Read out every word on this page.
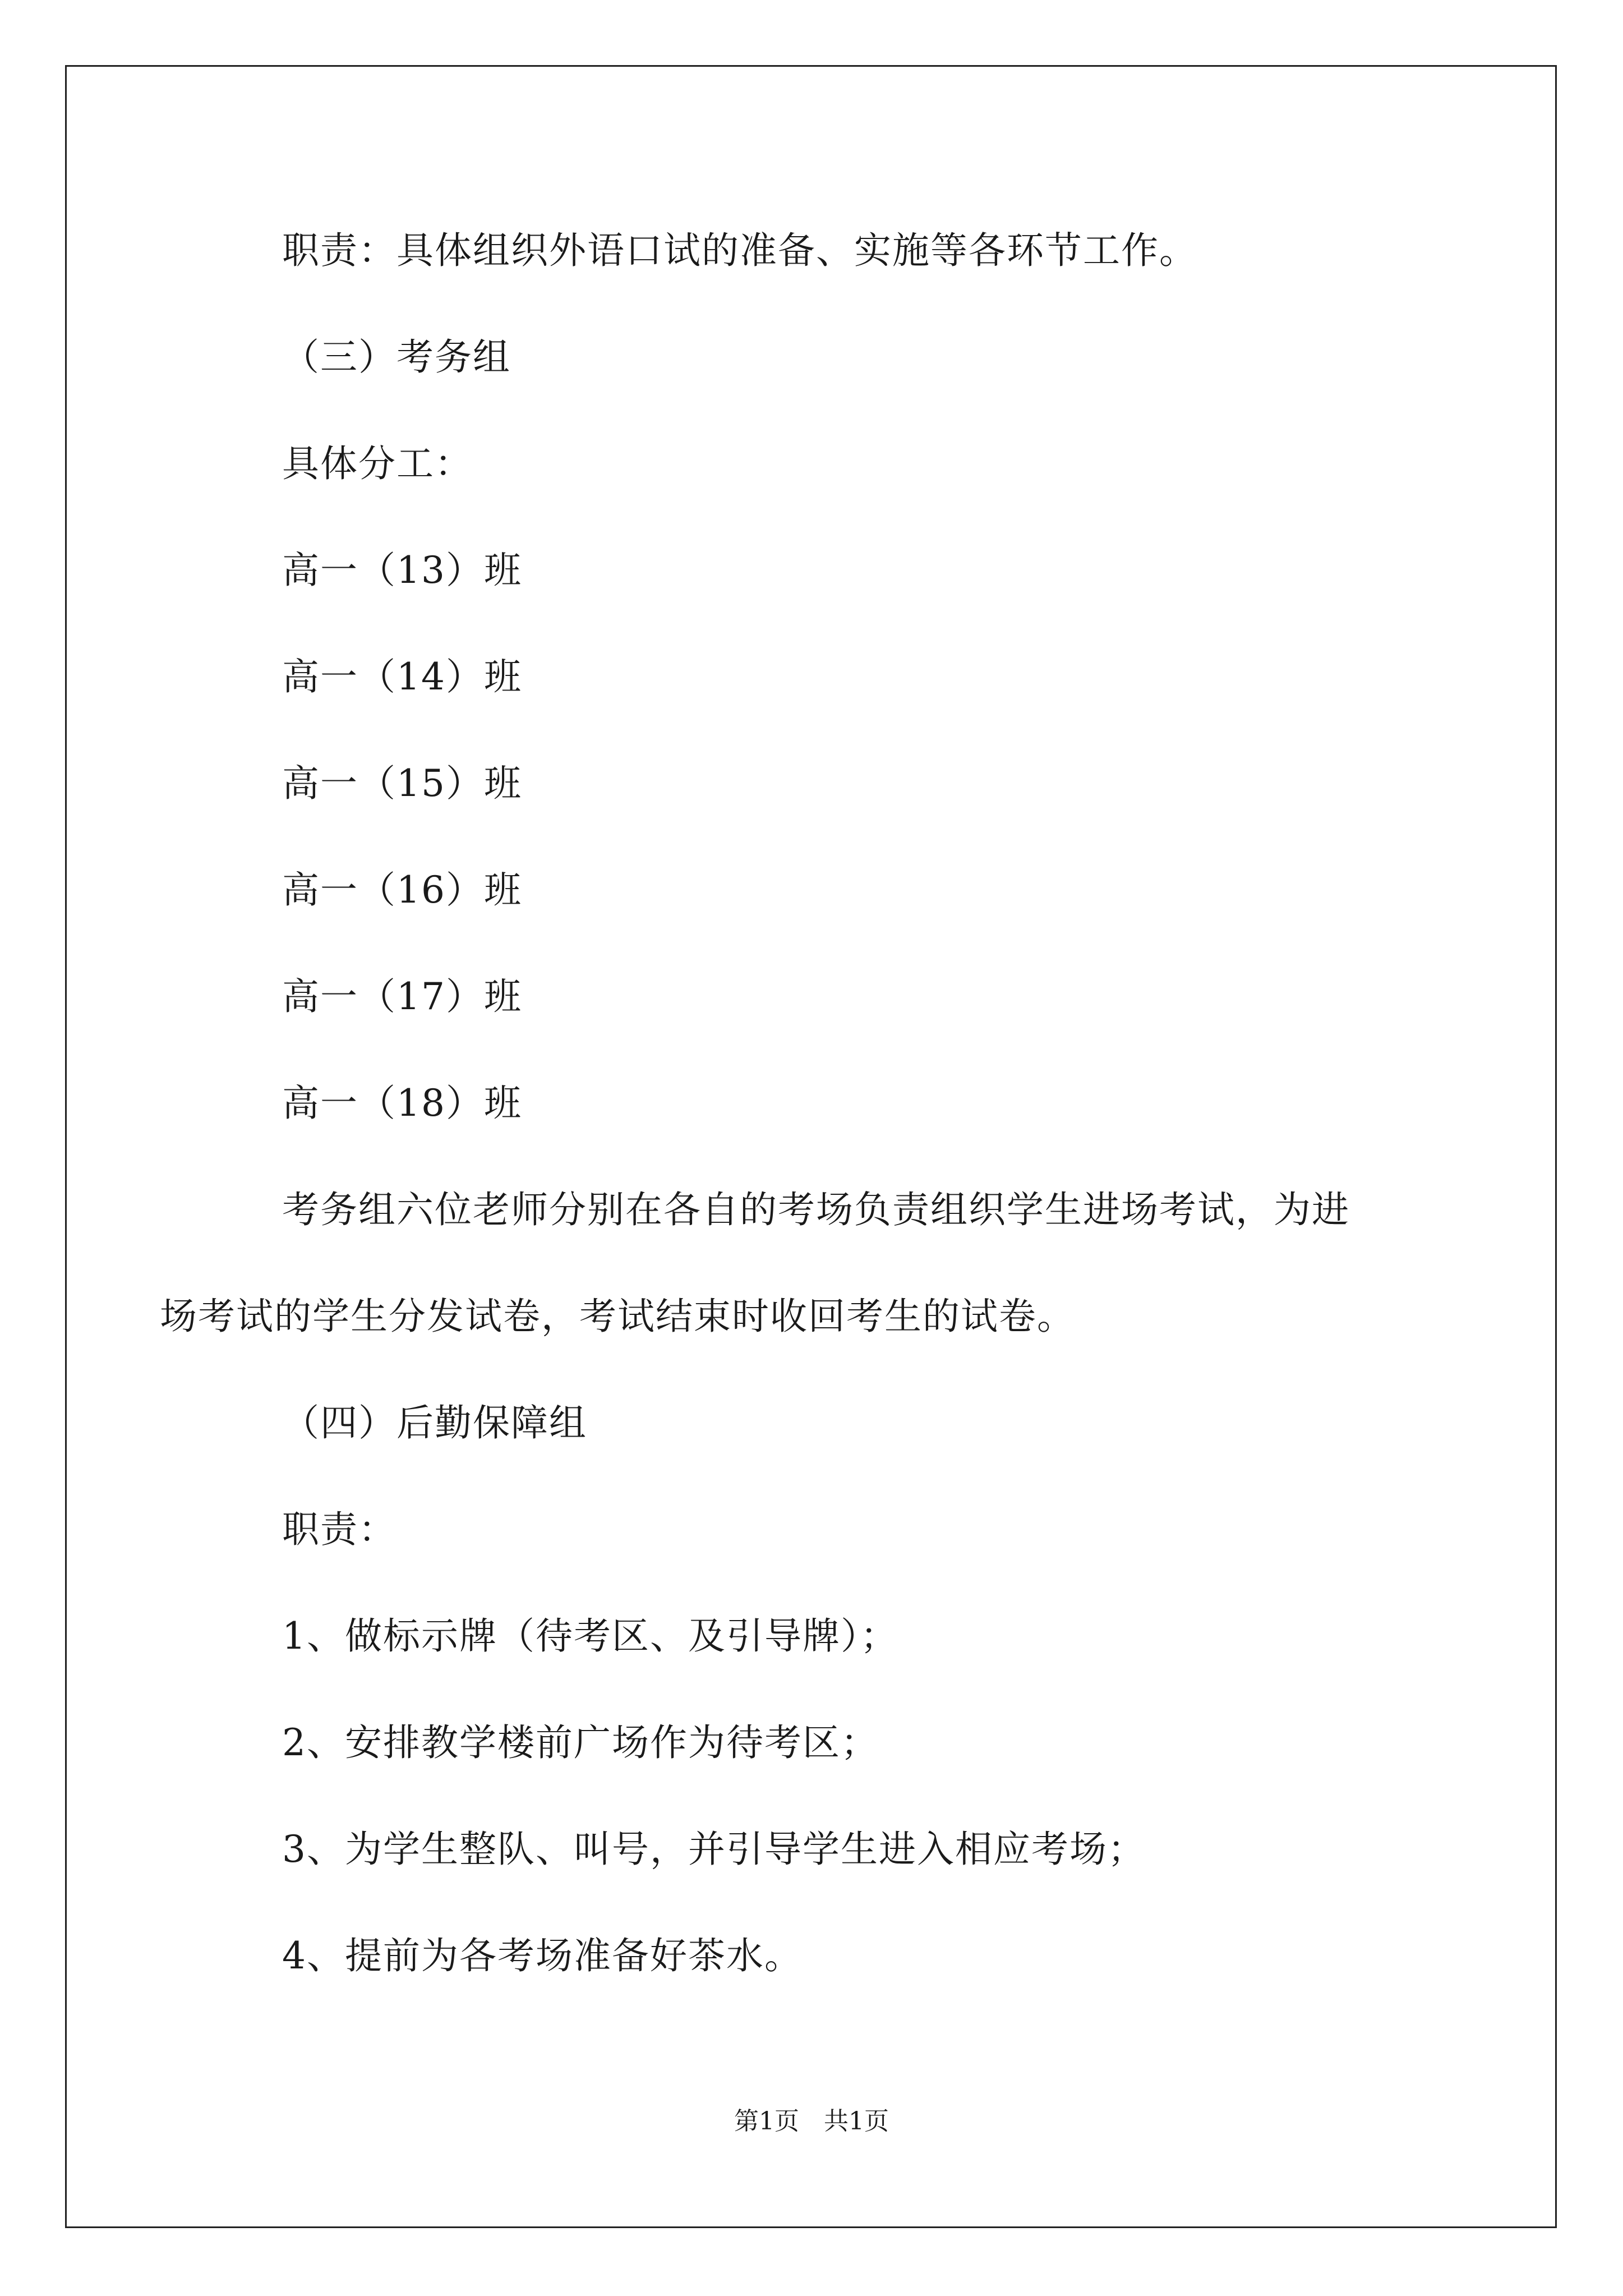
职责：具体组织外语口试的准备、实施等各环节工作。
（三）考务组
具体分工：
高一（13）班
高一（14）班
高一（15）班
高一（16）班
高一（17）班
高一（18）班
考务组六位老师分别在各自的考场负责组织学生进场考试，为进
场考试的学生分发试卷，考试结束时收回考生的试卷。
（四）后勤保障组
职责：
1、做标示牌（待考区、及引导牌）；
2、安排教学楼前广场作为待考区；
3、为学生整队、叫号，并引导学生进入相应考场；
4、提前为各考场准备好茶水。
第1页　共1页
